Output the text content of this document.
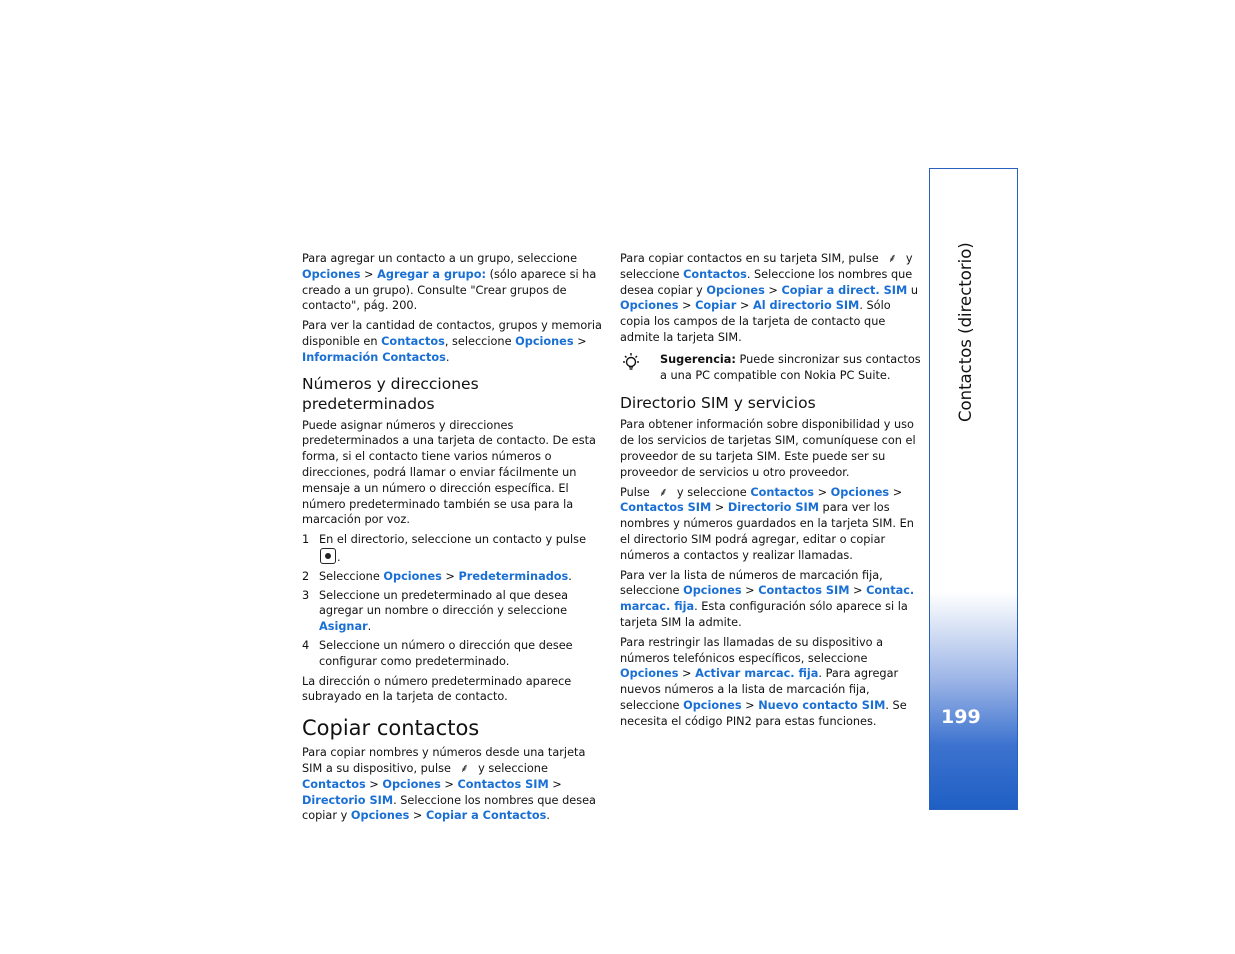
Contactos (directorio)
199

Para agregar un contacto a un grupo, seleccione Opciones > Agregar a grupo: (sólo aparece si ha creado a un grupo). Consulte "Crear grupos de contacto", pág. 200.

Para ver la cantidad de contactos, grupos y memoria disponible en Contactos, seleccione Opciones > Información Contactos.

Números y direcciones predeterminados

Puede asignar números y direcciones predeterminados a una tarjeta de contacto. De esta forma, si el contacto tiene varios números o direcciones, podrá llamar o enviar fácilmente un mensaje a un número o dirección específica. El número predeterminado también se usa para la marcación por voz.

1 En el directorio, seleccione un contacto y pulse .
2 Seleccione Opciones > Predeterminados.
3 Seleccione un predeterminado al que desea agregar un nombre o dirección y seleccione Asignar.
4 Seleccione un número o dirección que desee configurar como predeterminado.

La dirección o número predeterminado aparece subrayado en la tarjeta de contacto.

Copiar contactos

Para copiar nombres y números desde una tarjeta SIM a su dispositivo, pulse ⸙ y seleccione Contactos > Opciones > Contactos SIM > Directorio SIM. Seleccione los nombres que desea copiar y Opciones > Copiar a Contactos.

Para copiar contactos en su tarjeta SIM, pulse ⸙ y seleccione Contactos. Seleccione los nombres que desea copiar y Opciones > Copiar a direct. SIM u Opciones > Copiar > Al directorio SIM. Sólo copia los campos de la tarjeta de contacto que admite la tarjeta SIM.

Sugerencia: Puede sincronizar sus contactos a una PC compatible con Nokia PC Suite.
Directorio SIM y servicios

Para obtener información sobre disponibilidad y uso de los servicios de tarjetas SIM, comuníquese con el proveedor de su tarjeta SIM. Este puede ser su proveedor de servicios u otro proveedor.

Pulse ⸙ y seleccione Contactos > Opciones > Contactos SIM > Directorio SIM para ver los nombres y números guardados en la tarjeta SIM. En el directorio SIM podrá agregar, editar o copiar números a contactos y realizar llamadas.

Para ver la lista de números de marcación fija, seleccione Opciones > Contactos SIM > Contac. marcac. fija. Esta configuración sólo aparece si la tarjeta SIM la admite.

Para restringir las llamadas de su dispositivo a números telefónicos específicos, seleccione Opciones > Activar marcac. fija. Para agregar nuevos números a la lista de marcación fija, seleccione Opciones > Nuevo contacto SIM. Se necesita el código PIN2 para estas funciones.
